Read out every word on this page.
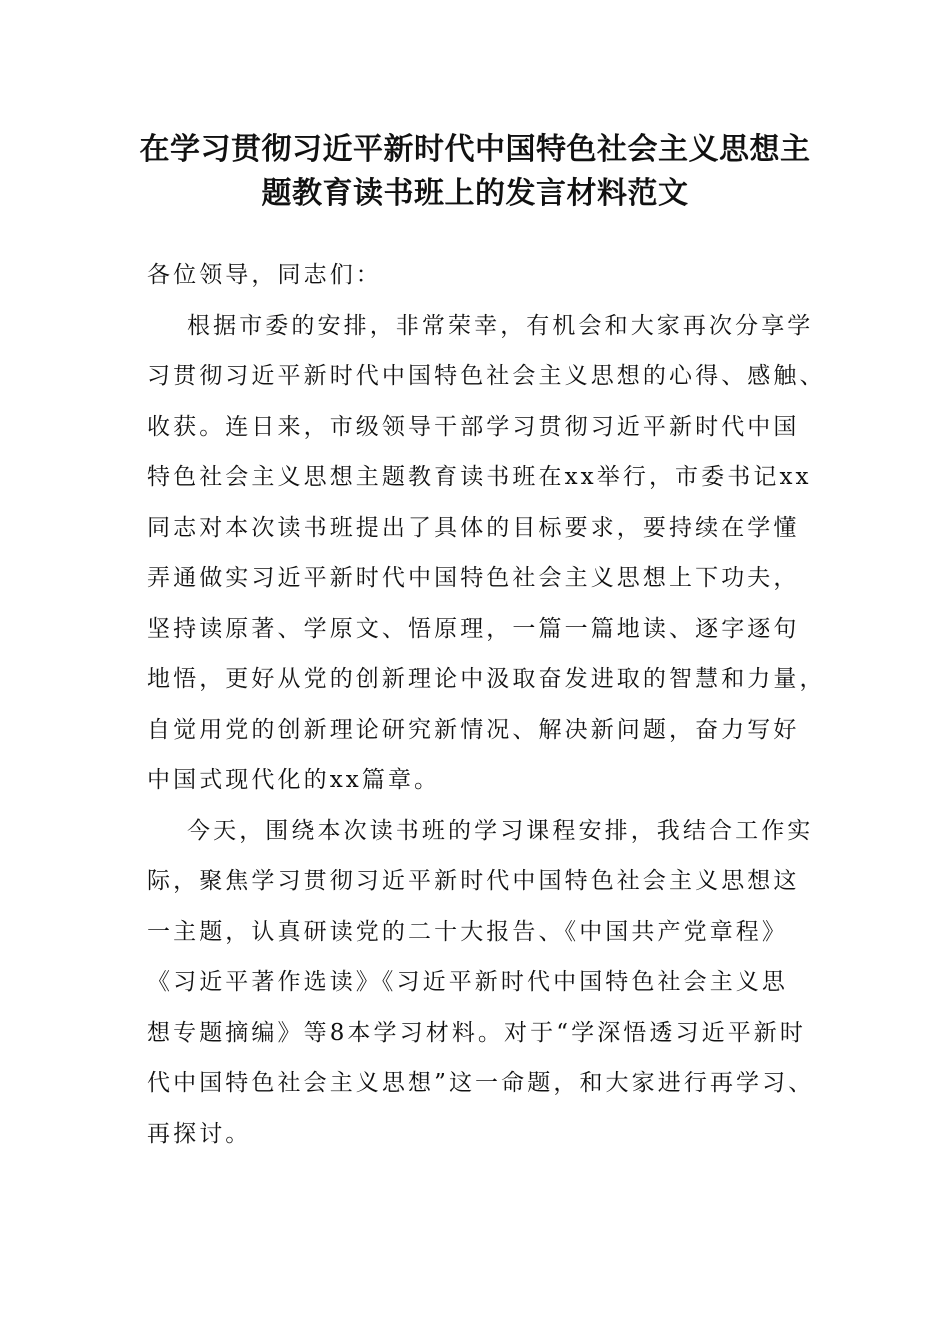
在学习贯彻习近平新时代中国特色社会主义思想主
题教育读书班上的发言材料范文
各位领导，同志们：
根据市委的安排，非常荣幸，有机会和大家再次分享学
习贯彻习近平新时代中国特色社会主义思想的心得、感触、
收获。连日来，市级领导干部学习贯彻习近平新时代中国
特色社会主义思想主题教育读书班在xx举行，市委书记xx
同志对本次读书班提出了具体的目标要求，要持续在学懂
弄通做实习近平新时代中国特色社会主义思想上下功夫，
坚持读原著、学原文、悟原理，一篇一篇地读、逐字逐句
地悟，更好从党的创新理论中汲取奋发进取的智慧和力量，
自觉用党的创新理论研究新情况、解决新问题，奋力写好
中国式现代化的xx篇章。
今天，围绕本次读书班的学习课程安排，我结合工作实
际，聚焦学习贯彻习近平新时代中国特色社会主义思想这
一主题，认真研读党的二十大报告、《中国共产党章程》
《习近平著作选读》《习近平新时代中国特色社会主义思
想专题摘编》等8本学习材料。对于“学深悟透习近平新时
代中国特色社会主义思想”这一命题，和大家进行再学习、
再探讨。
